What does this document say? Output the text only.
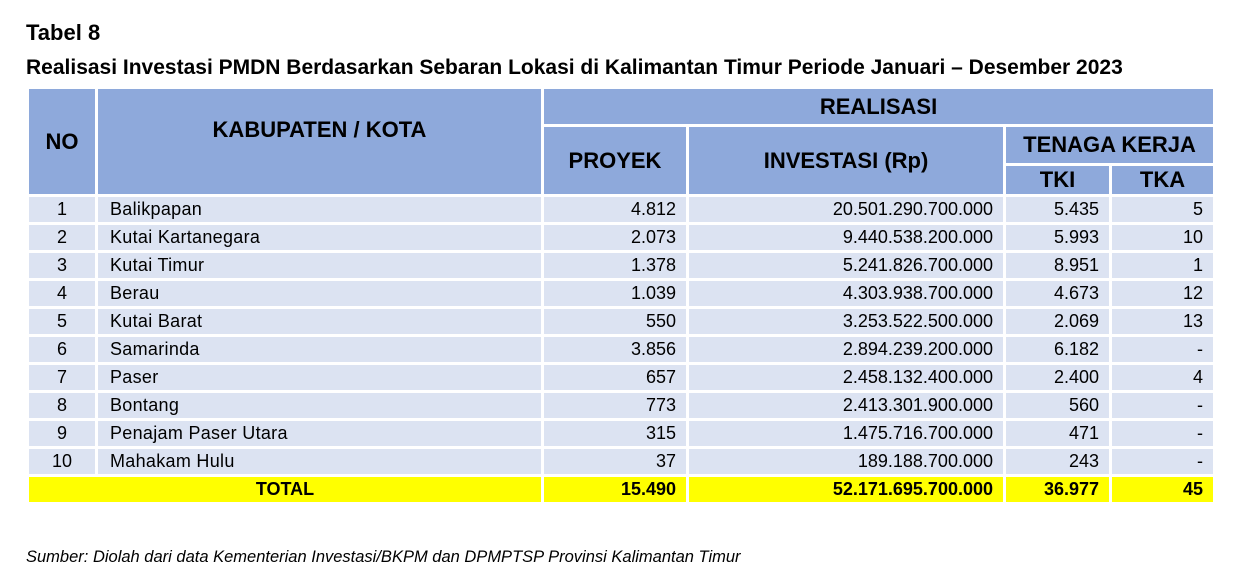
Tabel 8
Realisasi Investasi PMDN Berdasarkan Sebaran Lokasi di Kalimantan Timur Periode Januari – Desember 2023
NO	KABUPATEN / KOTA	REALISASI			
		PROYEK	INVESTASI (Rp)	TENAGA KERJA	
				TKI	TKA
1	Balikpapan	4.812	20.501.290.700.000	5.435	5
2	Kutai Kartanegara	2.073	9.440.538.200.000	5.993	10
3	Kutai Timur	1.378	5.241.826.700.000	8.951	1
4	Berau	1.039	4.303.938.700.000	4.673	12
5	Kutai Barat	550	3.253.522.500.000	2.069	13
6	Samarinda	3.856	2.894.239.200.000	6.182	-
7	Paser	657	2.458.132.400.000	2.400	4
8	Bontang	773	2.413.301.900.000	560	-
9	Penajam Paser Utara	315	1.475.716.700.000	471	-
10	Mahakam Hulu	37	189.188.700.000	243	-
TOTAL		15.490	52.171.695.700.000	36.977	45
Sumber: Diolah dari data Kementerian Investasi/BKPM dan DPMPTSP Provinsi Kalimantan Timur
